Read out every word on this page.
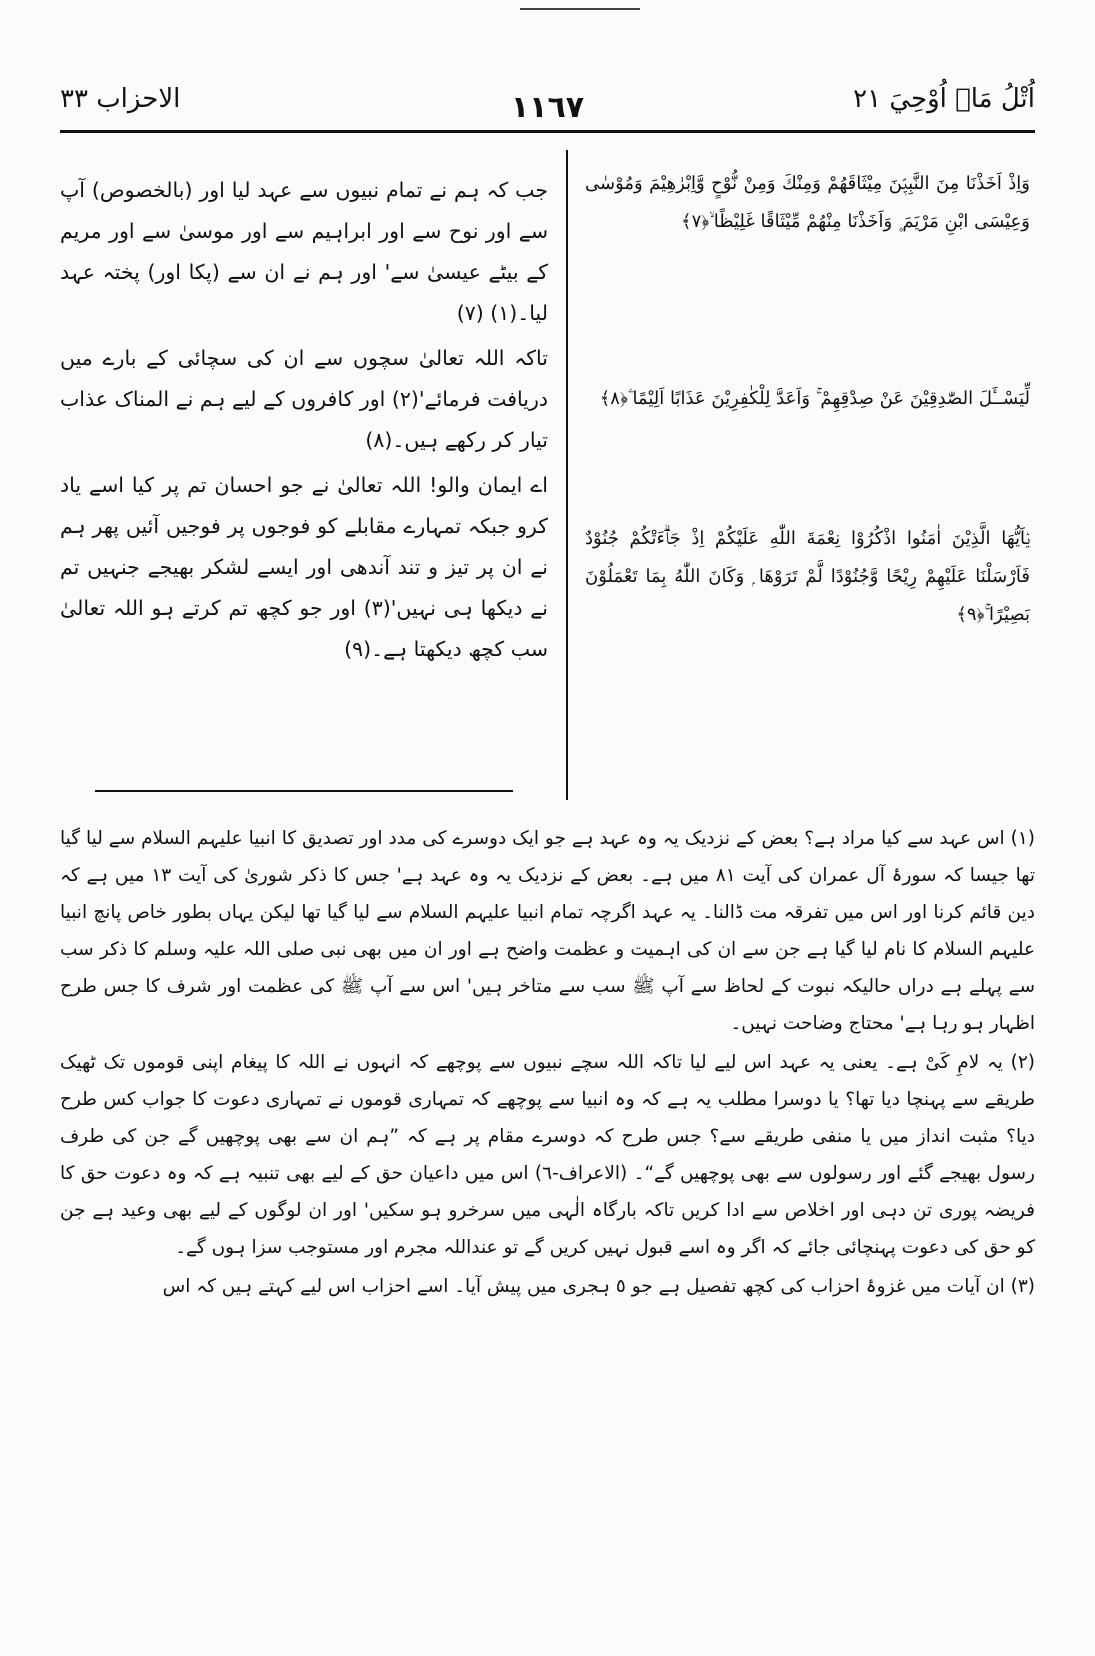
اُتْلُ مَاۤ اُوْحِيَ ٢١
١١٦٧
الاحزاب ٣٣
وَاِذْ اَخَذْنَا مِنَ النَّبِيّٖنَ مِيْثَاقَهُمْ وَمِنْكَ وَمِنْ نُّوْحٍ وَّاِبْرٰهِيْمَ وَمُوْسٰى وَعِيْسَى ابْنِ مَرْيَمَ ۪ وَاَخَذْنَا مِنْهُمْ مِّيْثَاقًا غَلِيْظًا ۙ﴿٧﴾
لِّيَسْــَٔلَ الصّٰدِقِيْنَ عَنْ صِدْقِهِمْ ۚ وَاَعَدَّ لِلْكٰفِرِيْنَ عَذَابًا اَلِيْمًا ۧ﴿٨﴾
يٰۤاَيُّهَا الَّذِيْنَ اٰمَنُوا اذْكُرُوْا نِعْمَةَ اللّٰهِ عَلَيْكُمْ اِذْ جَاۗءَتْكُمْ جُنُوْدٌ فَاَرْسَلْنَا عَلَيْهِمْ رِيْحًا وَّجُنُوْدًا لَّمْ تَرَوْهَا ۭ وَكَانَ اللّٰهُ بِمَا تَعْمَلُوْنَ بَصِيْرًا ۚ﴿٩﴾

جب کہ ہم نے تمام نبیوں سے عہد لیا اور (بالخصوص) آپ سے اور نوح سے اور ابراہیم سے اور موسیٰ سے اور مریم کے بیٹے عیسیٰ سے' اور ہم نے ان سے (پکا اور) پختہ عہد لیا۔(١) (٧)

تاکہ اللہ تعالیٰ سچوں سے ان کی سچائی کے بارے میں دریافت فرمائے'(٢) اور کافروں کے لیے ہم نے المناک عذاب تیار کر رکھے ہیں۔(٨)

اے ایمان والو! اللہ تعالیٰ نے جو احسان تم پر کیا اسے یاد کرو جبکہ تمہارے مقابلے کو فوجوں پر فوجیں آئیں پھر ہم نے ان پر تیز و تند آندھی اور ایسے لشکر بھیجے جنہیں تم نے دیکھا ہی نہیں'(٣) اور جو کچھ تم کرتے ہو اللہ تعالیٰ سب کچھ دیکھتا ہے۔(٩)

(١) اس عہد سے کیا مراد ہے؟ بعض کے نزدیک یہ وہ عہد ہے جو ایک دوسرے کی مدد اور تصدیق کا انبیا علیہم السلام سے لیا گیا تھا جیسا کہ سورۂ آل عمران کی آیت ٨١ میں ہے۔ بعض کے نزدیک یہ وہ عہد ہے' جس کا ذکر شوریٰ کی آیت ١٣ میں ہے کہ دین قائم کرنا اور اس میں تفرقہ مت ڈالنا۔ یہ عہد اگرچہ تمام انبیا علیہم السلام سے لیا گیا تھا لیکن یہاں بطور خاص پانچ انبیا علیہم السلام کا نام لیا گیا ہے جن سے ان کی اہمیت و عظمت واضح ہے اور ان میں بھی نبی صلی اللہ علیہ وسلم کا ذکر سب سے پہلے ہے دراں حالیکہ نبوت کے لحاظ سے آپ ﷺ سب سے متاخر ہیں' اس سے آپ ﷺ کی عظمت اور شرف کا جس طرح اظہار ہو رہا ہے' محتاج وضاحت نہیں۔

(٢) یہ لامِ کَیْ ہے۔ یعنی یہ عہد اس لیے لیا تاکہ اللہ سچے نبیوں سے پوچھے کہ انہوں نے اللہ کا پیغام اپنی قوموں تک ٹھیک طریقے سے پہنچا دیا تھا؟ یا دوسرا مطلب یہ ہے کہ وہ انبیا سے پوچھے کہ تمہاری قوموں نے تمہاری دعوت کا جواب کس طرح دیا؟ مثبت انداز میں یا منفی طریقے سے؟ جس طرح کہ دوسرے مقام پر ہے کہ ”ہم ان سے بھی پوچھیں گے جن کی طرف رسول بھیجے گئے اور رسولوں سے بھی پوچھیں گے“۔ (الاعراف-٦) اس میں داعیان حق کے لیے بھی تنبیہ ہے کہ وہ دعوت حق کا فریضہ پوری تن دہی اور اخلاص سے ادا کریں تاکہ بارگاہ الٰہی میں سرخرو ہو سکیں' اور ان لوگوں کے لیے بھی وعید ہے جن کو حق کی دعوت پہنچائی جائے کہ اگر وہ اسے قبول نہیں کریں گے تو عنداللہ مجرم اور مستوجب سزا ہوں گے۔

(٣) ان آیات میں غزوۂ احزاب کی کچھ تفصیل ہے جو ٥ ہجری میں پیش آیا۔ اسے احزاب اس لیے کہتے ہیں کہ اس
